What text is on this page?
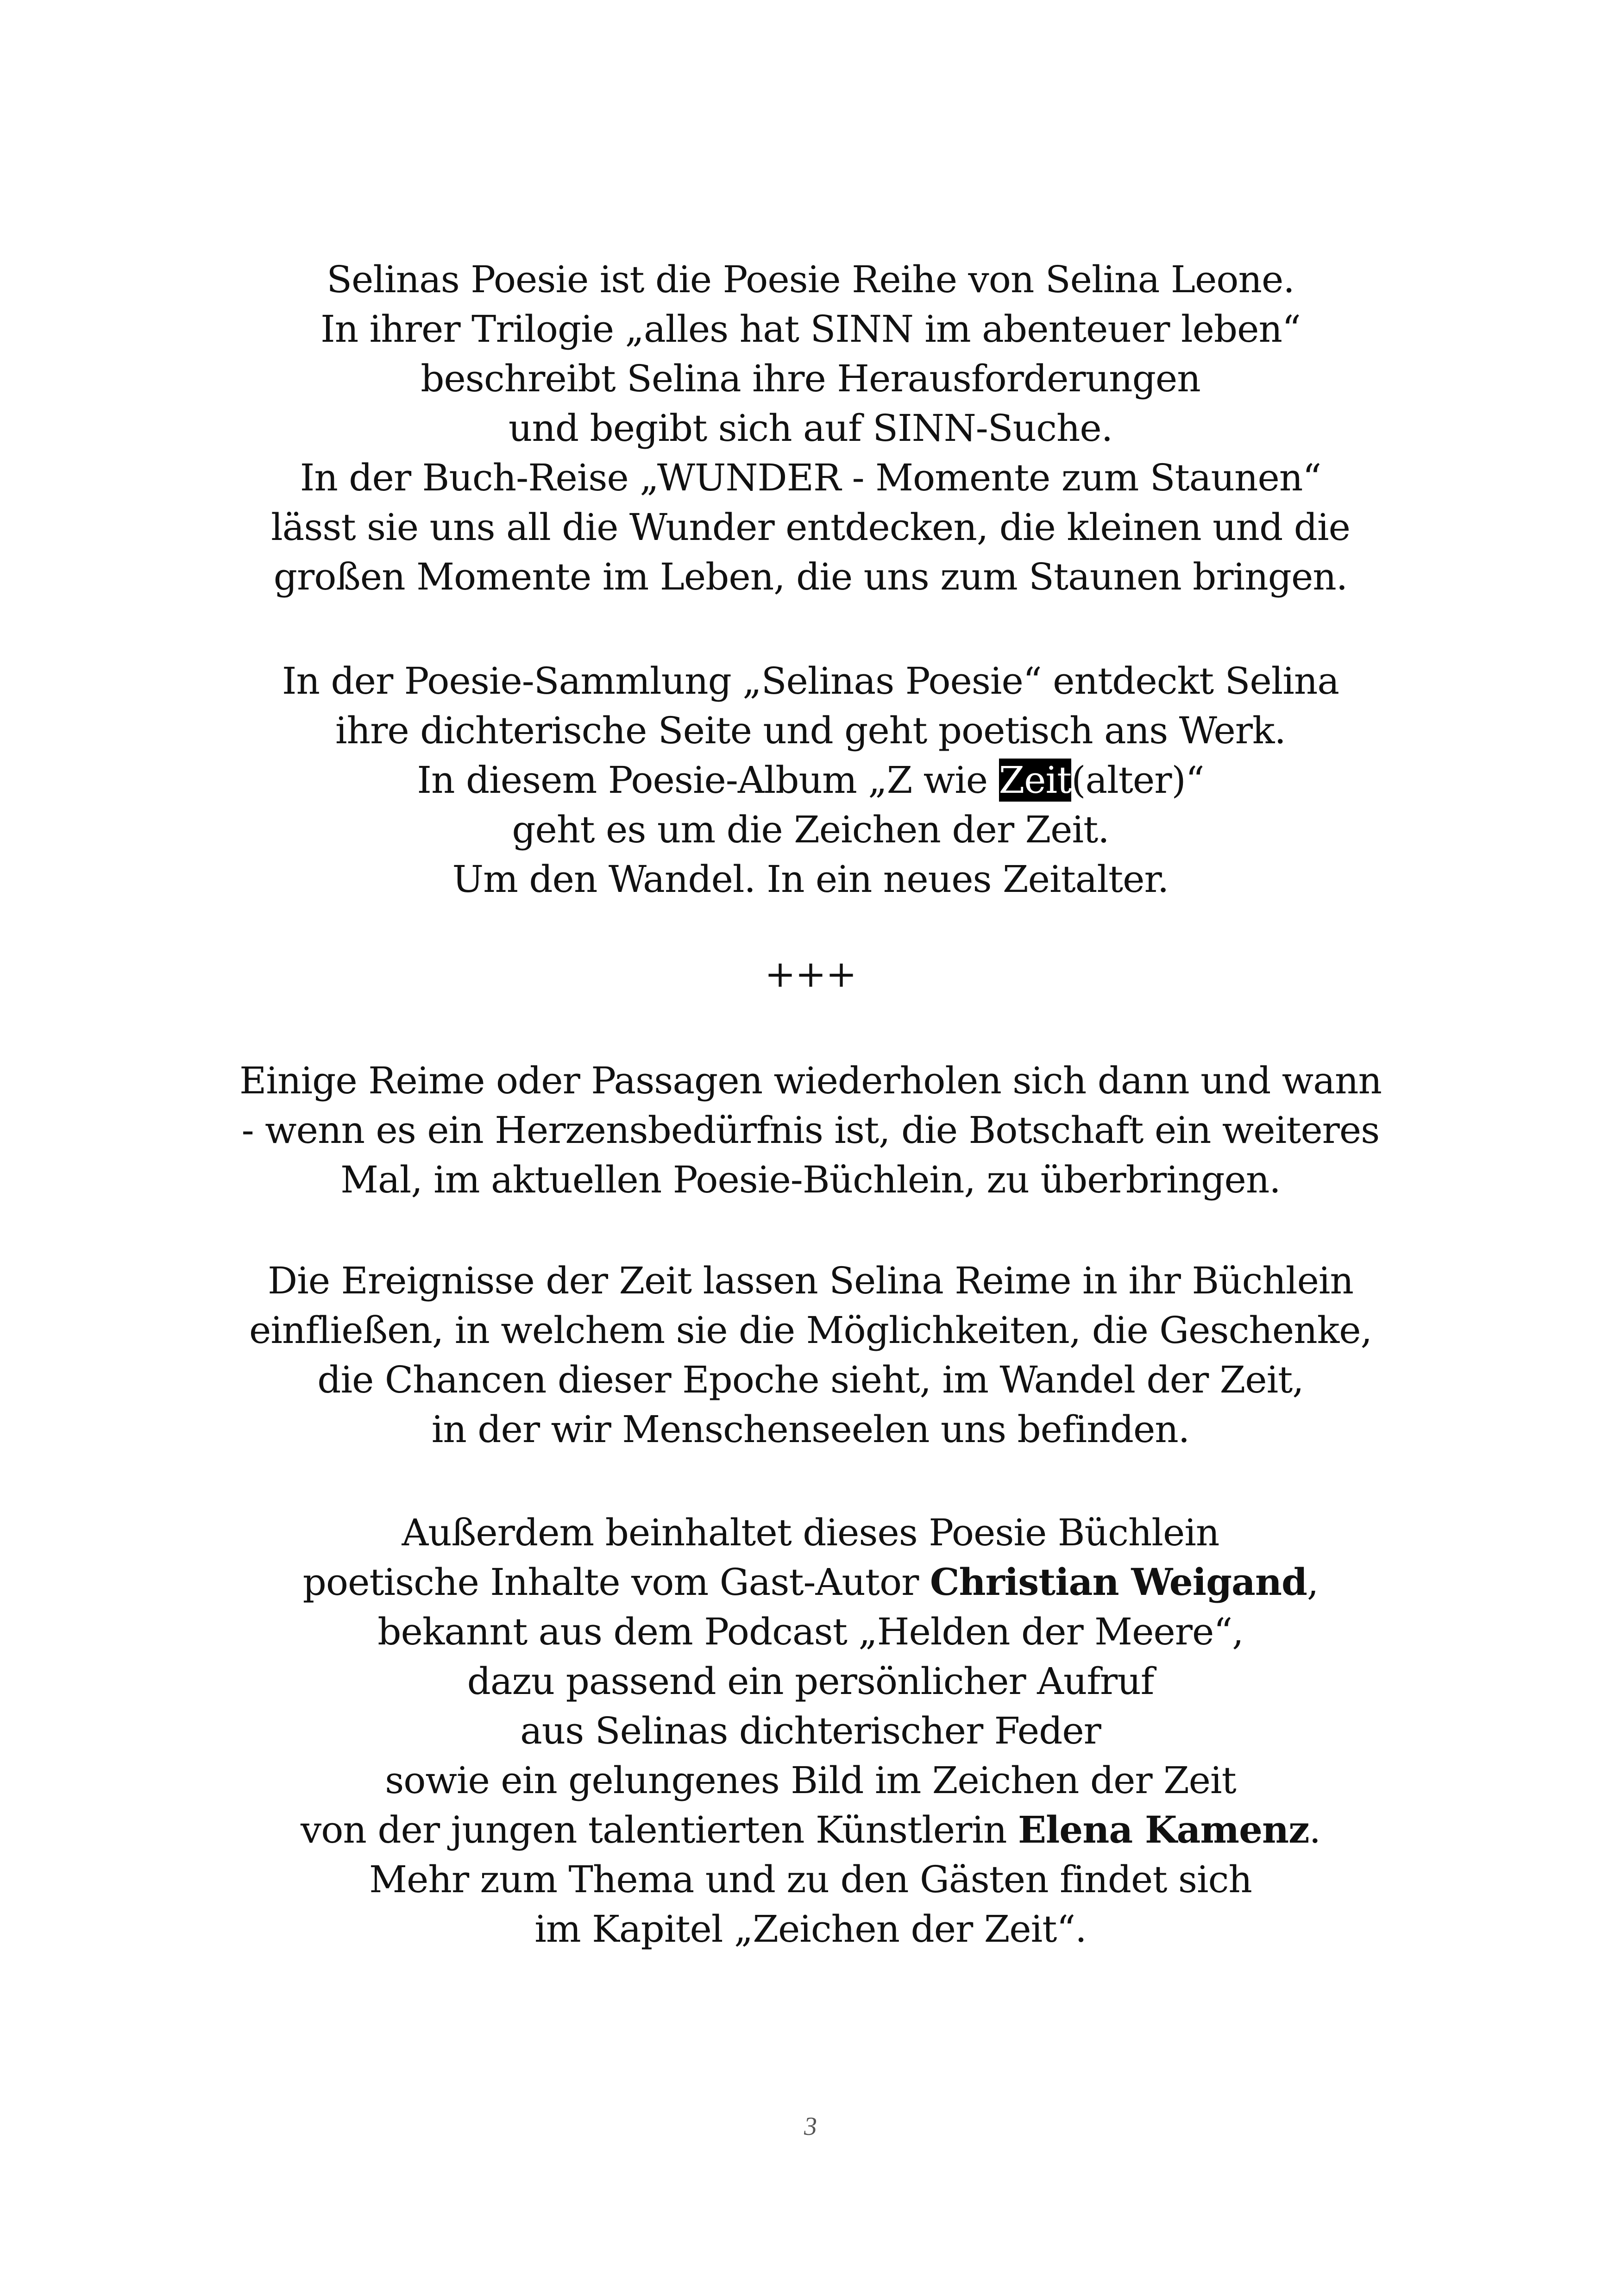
Selinas Poesie ist die Poesie Reihe von Selina Leone.
In ihrer Trilogie „alles hat SINN im abenteuer leben“
beschreibt Selina ihre Herausforderungen
und begibt sich auf SINN-Suche.
In der Buch-Reise „WUNDER - Momente zum Staunen“
lässt sie uns all die Wunder entdecken, die kleinen und die
großen Momente im Leben, die uns zum Staunen bringen.
In der Poesie-Sammlung „Selinas Poesie“ entdeckt Selina
ihre dichterische Seite und geht poetisch ans Werk.
In diesem Poesie-Album „Z wie Zeit(alter)“
geht es um die Zeichen der Zeit.
Um den Wandel. In ein neues Zeitalter.
+++
Einige Reime oder Passagen wiederholen sich dann und wann
- wenn es ein Herzensbedürfnis ist, die Botschaft ein weiteres
Mal, im aktuellen Poesie-Büchlein, zu überbringen.
Die Ereignisse der Zeit lassen Selina Reime in ihr Büchlein
einfließen, in welchem sie die Möglichkeiten, die Geschenke,
die Chancen dieser Epoche sieht, im Wandel der Zeit,
in der wir Menschenseelen uns befinden.
Außerdem beinhaltet dieses Poesie Büchlein
poetische Inhalte vom Gast-Autor Christian Weigand,
bekannt aus dem Podcast „Helden der Meere“,
dazu passend ein persönlicher Aufruf
aus Selinas dichterischer Feder
sowie ein gelungenes Bild im Zeichen der Zeit
von der jungen talentierten Künstlerin Elena Kamenz.
Mehr zum Thema und zu den Gästen findet sich
im Kapitel „Zeichen der Zeit“.
3
